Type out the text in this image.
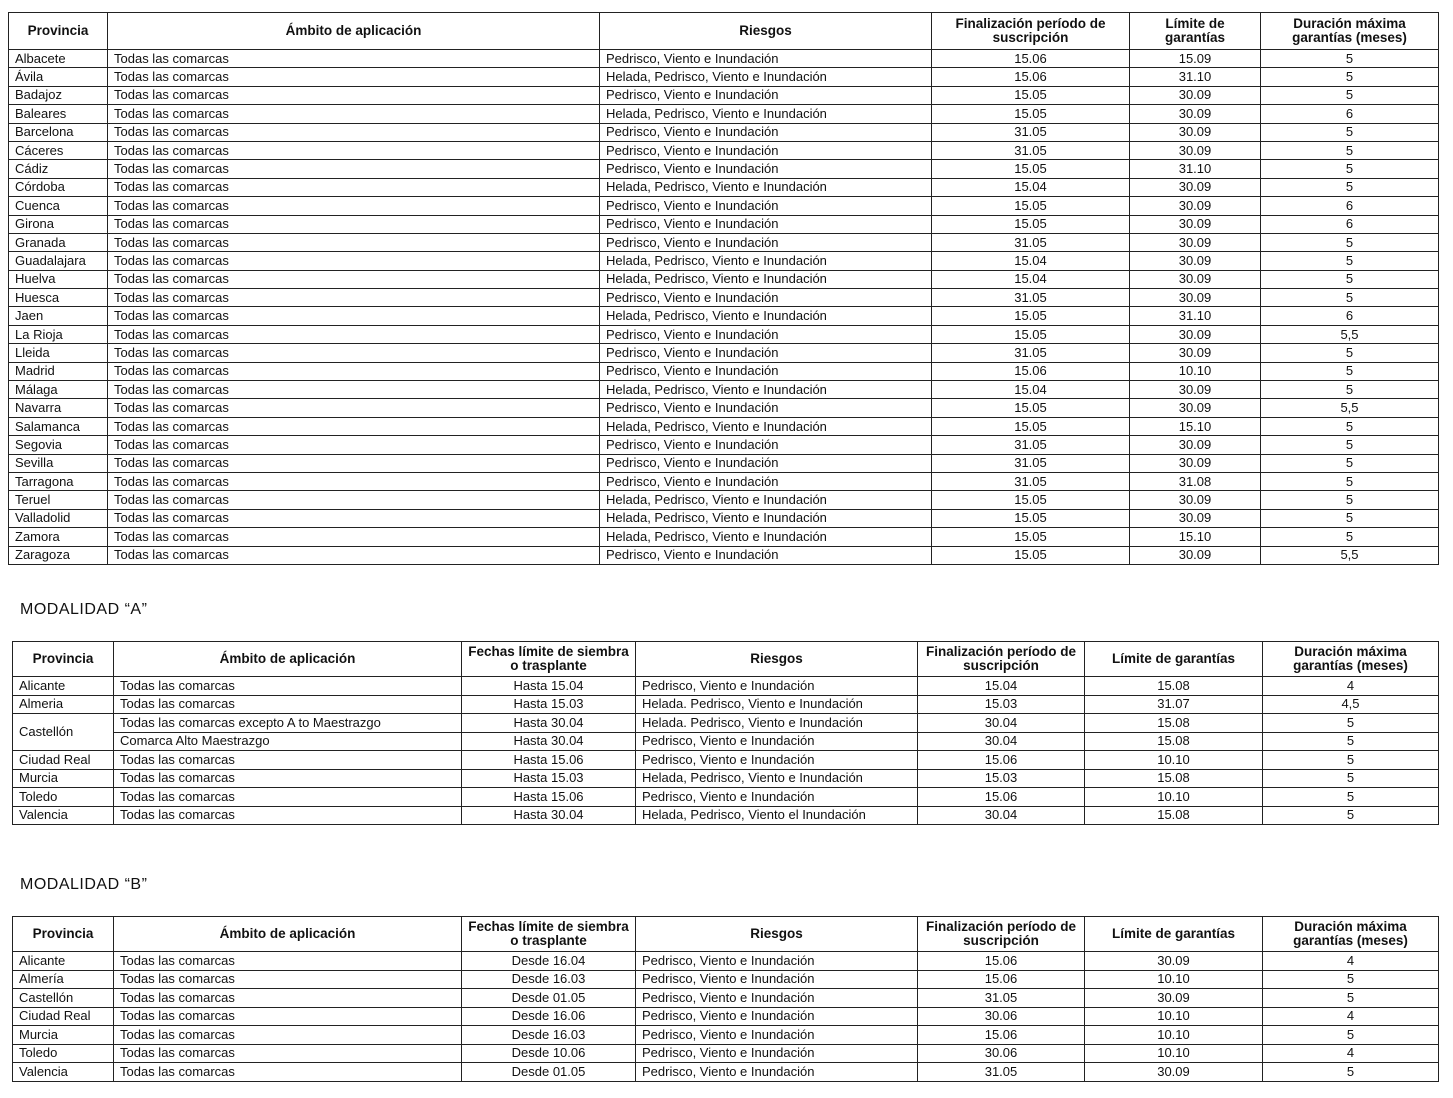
Provincia	Ámbito de aplicación	Riesgos	Finalización período de suscripción	Límite de garantías	Duración máxima garantías (meses)
Albacete	Todas las comarcas	Pedrisco, Viento e Inundación	15.06	15.09	5
Ávila	Todas las comarcas	Helada, Pedrisco, Viento e Inundación	15.06	31.10	5
Badajoz	Todas las comarcas	Pedrisco, Viento e Inundación	15.05	30.09	5
Baleares	Todas las comarcas	Helada, Pedrisco, Viento e Inundación	15.05	30.09	6
Barcelona	Todas las comarcas	Pedrisco, Viento e Inundación	31.05	30.09	5
Cáceres	Todas las comarcas	Pedrisco, Viento e Inundación	31.05	30.09	5
Cádiz	Todas las comarcas	Pedrisco, Viento e Inundación	15.05	31.10	5
Córdoba	Todas las comarcas	Helada, Pedrisco, Viento e Inundación	15.04	30.09	5
Cuenca	Todas las comarcas	Pedrisco, Viento e Inundación	15.05	30.09	6
Girona	Todas las comarcas	Pedrisco, Viento e Inundación	15.05	30.09	6
Granada	Todas las comarcas	Pedrisco, Viento e Inundación	31.05	30.09	5
Guadalajara	Todas las comarcas	Helada, Pedrisco, Viento e Inundación	15.04	30.09	5
Huelva	Todas las comarcas	Helada, Pedrisco, Viento e Inundación	15.04	30.09	5
Huesca	Todas las comarcas	Pedrisco, Viento e Inundación	31.05	30.09	5
Jaen	Todas las comarcas	Helada, Pedrisco, Viento e Inundación	15.05	31.10	6
La Rioja	Todas las comarcas	Pedrisco, Viento e Inundación	15.05	30.09	5,5
Lleida	Todas las comarcas	Pedrisco, Viento e Inundación	31.05	30.09	5
Madrid	Todas las comarcas	Pedrisco, Viento e Inundación	15.06	10.10	5
Málaga	Todas las comarcas	Helada, Pedrisco, Viento e Inundación	15.04	30.09	5
Navarra	Todas las comarcas	Pedrisco, Viento e Inundación	15.05	30.09	5,5
Salamanca	Todas las comarcas	Helada, Pedrisco, Viento e Inundación	15.05	15.10	5
Segovia	Todas las comarcas	Pedrisco, Viento e Inundación	31.05	30.09	5
Sevilla	Todas las comarcas	Pedrisco, Viento e Inundación	31.05	30.09	5
Tarragona	Todas las comarcas	Pedrisco, Viento e Inundación	31.05	31.08	5
Teruel	Todas las comarcas	Helada, Pedrisco, Viento e Inundación	15.05	30.09	5
Valladolid	Todas las comarcas	Helada, Pedrisco, Viento e Inundación	15.05	30.09	5
Zamora	Todas las comarcas	Helada, Pedrisco, Viento e Inundación	15.05	15.10	5
Zaragoza	Todas las comarcas	Pedrisco, Viento e Inundación	15.05	30.09	5,5
MODALIDAD “A”
Provincia	Ámbito de aplicación	Fechas límite de siembra o trasplante	Riesgos	Finalización período de suscripción	Límite de garantías	Duración máxima garantías (meses)
Alicante	Todas las comarcas	Hasta 15.04	Pedrisco, Viento e Inundación	15.04	15.08	4
Almeria	Todas las comarcas	Hasta 15.03	Helada. Pedrisco, Viento e Inundación	15.03	31.07	4,5
Castellón	Todas las comarcas excepto A to Maestrazgo	Hasta 30.04	Helada. Pedrisco, Viento e Inundación	30.04	15.08	5
	Comarca Alto Maestrazgo	Hasta 30.04	Pedrisco, Viento e Inundación	30.04	15.08	5
Ciudad Real	Todas las comarcas	Hasta 15.06	Pedrisco, Viento e Inundación	15.06	10.10	5
Murcia	Todas las comarcas	Hasta 15.03	Helada, Pedrisco, Viento e Inundación	15.03	15.08	5
Toledo	Todas las comarcas	Hasta 15.06	Pedrisco, Viento e Inundación	15.06	10.10	5
Valencia	Todas las comarcas	Hasta 30.04	Helada, Pedrisco, Viento el Inundación	30.04	15.08	5
MODALIDAD “B”
Provincia	Ámbito de aplicación	Fechas límite de siembra o trasplante	Riesgos	Finalización período de suscripción	Límite de garantías	Duración máxima garantías (meses)
Alicante	Todas las comarcas	Desde 16.04	Pedrisco, Viento e Inundación	15.06	30.09	4
Almería	Todas las comarcas	Desde 16.03	Pedrisco, Viento e Inundación	15.06	10.10	5
Castellón	Todas las comarcas	Desde 01.05	Pedrisco, Viento e Inundación	31.05	30.09	5
Ciudad Real	Todas las comarcas	Desde 16.06	Pedrisco, Viento e Inundación	30.06	10.10	4
Murcia	Todas las comarcas	Desde 16.03	Pedrisco, Viento e Inundación	15.06	10.10	5
Toledo	Todas las comarcas	Desde 10.06	Pedrisco, Viento e Inundación	30.06	10.10	4
Valencia	Todas las comarcas	Desde 01.05	Pedrisco, Viento e Inundación	31.05	30.09	5
